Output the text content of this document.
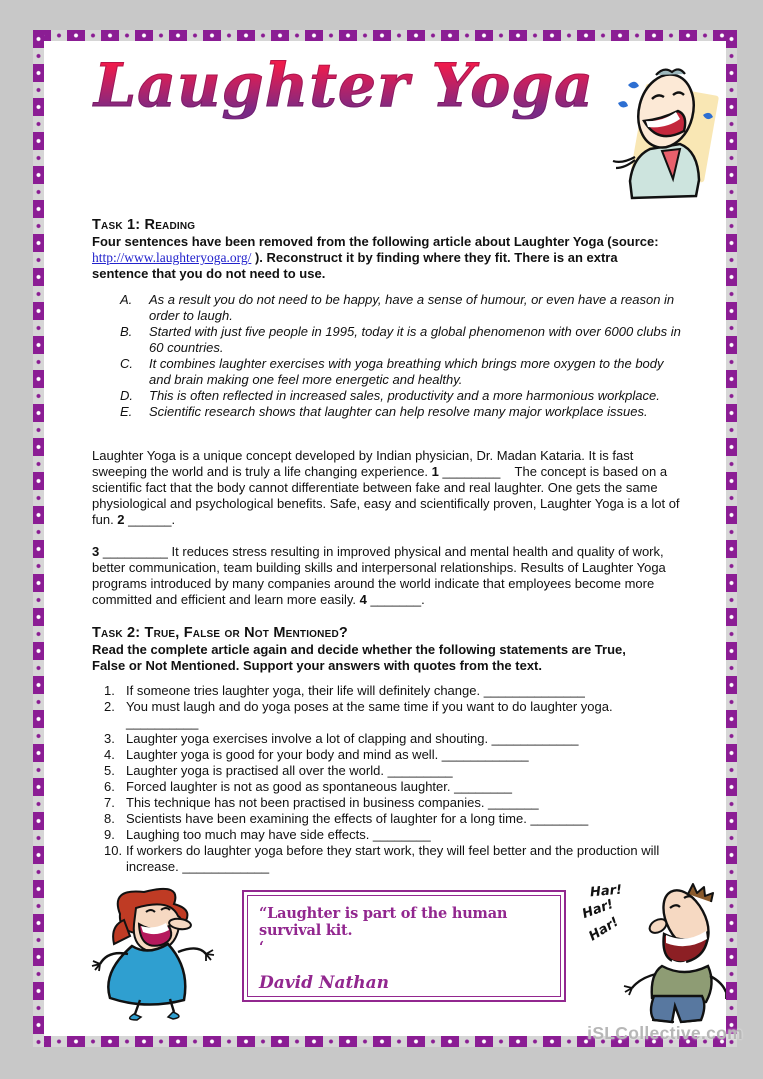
Laughter Yoga
Task 1: Reading

Four sentences have been removed from the following article about Laughter Yoga (source: http://www.laughteryoga.org/ ). Reconstruct it by finding where they fit. There is an extra sentence that you do not need to use.

A.	As a result you do not need to be happy, have a sense of humour, or even have a reason in order to laugh.
B.	Started with just five people in 1995, today it is a global phenomenon with over 6000 clubs in 60 countries.
C.	It combines laughter exercises with yoga breathing which brings more oxygen to the body and brain making one feel more energetic and healthy.
D.	This is often reflected in increased sales, productivity and a more harmonious workplace.
E.	Scientific research shows that laughter can help resolve many major workplace issues.

Laughter Yoga is a unique concept developed by Indian physician, Dr. Madan Kataria. It is fast sweeping the world and is truly a life changing experience. 1 ________    The concept is based on a scientific fact that the body cannot differentiate between fake and real laughter. One gets the same physiological and psychological benefits. Safe, easy and scientifically proven, Laughter Yoga is a lot of fun. 2 ______.

3 _________ It reduces stress resulting in improved physical and mental health and quality of work, better communication, team building skills and interpersonal relationships. Results of Laughter Yoga programs introduced by many companies around the world indicate that employees become more committed and efficient and learn more easily. 4 _______.

Task 2: True, False or Not Mentioned?

Read the complete article again and decide whether the following statements are True, False or Not Mentioned. Support your answers with quotes from the text.

1. If someone tries laughter yoga, their life will definitely change. ______________
2. You must laugh and do yoga poses at the same time if you want to do laughter yoga. __________
3. Laughter yoga exercises involve a lot of clapping and shouting. ____________
4. Laughter yoga is good for your body and mind as well. ____________
5. Laughter yoga is practised all over the world. _________
6. Forced laughter is not as good as spontaneous laughter. ________
7. This technique has not been practised in business companies. _______
8. Scientists have been examining the effects of laughter for a long time. ________
9. Laughing too much may have side effects. ________
10. If workers do laughter yoga before they start work, they will feel better and the production will increase. ____________
“Laughter is part of the human survival kit.
‘
David Nathan
Har!
Har!
Har!
iSLCollective.com
